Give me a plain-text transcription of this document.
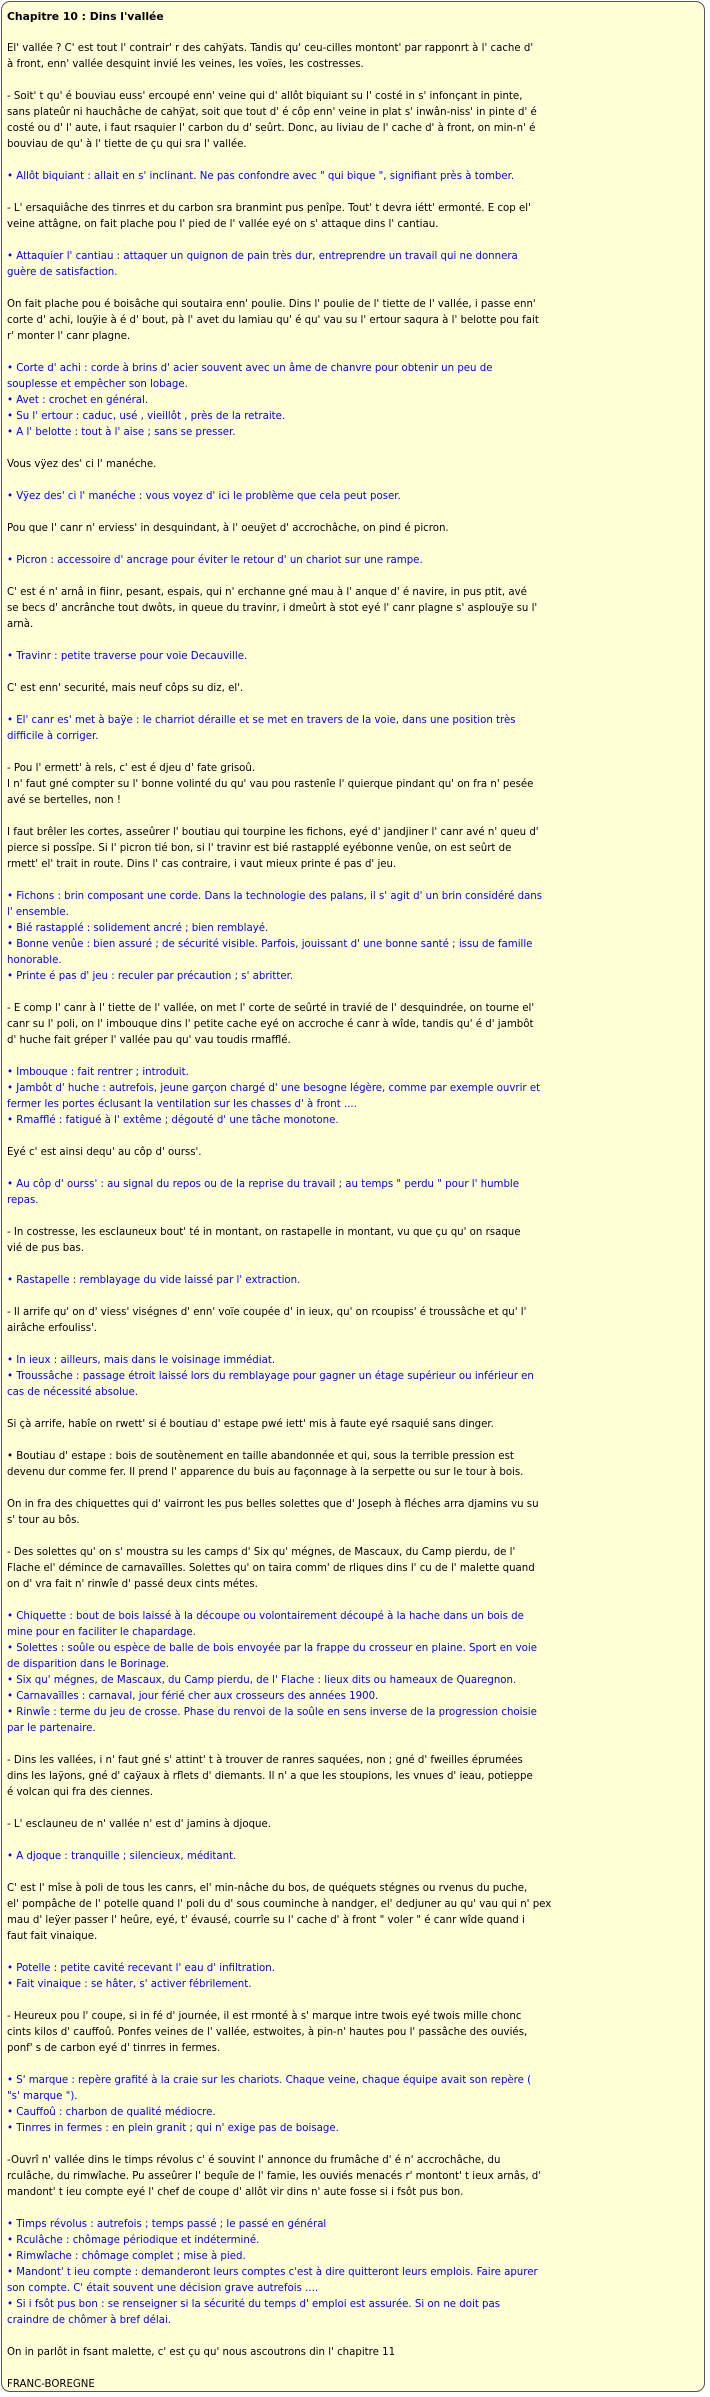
Chapitre 10 : Dins l'vallée
El' vallée ? C' est tout l' contrair' r des cahÿats. Tandis qu' ceu-cilles montont' par rapponrt à l' cache d'
à front, enn' vallée desquint invié les veines, les voïes, les costresses.
- Soit' t qu' é bouviau euss' ercoupé enn' veine qui d' allôt biquiant su l' costé in s' infonçant in pinte,
sans plateûr ni hauchâche de cahÿat, soit que tout d' é côp enn' veine in plat s' inwân-niss' in pinte d' é
costé ou d' l' aute, i faut rsaquier l' carbon du d' seûrt. Donc, au liviau de l' cache d' à front, on min-n' é
bouviau de qu' à l' tiette de çu qui sra l' vallée.
• Allôt biquiant : allait en s' inclinant. Ne pas confondre avec " qui bique ", signifiant près à tomber.
- L' ersaquiâche des tinrres et du carbon sra branmint pus penîpe. Tout' t devra iétt' ermonté. E cop el'
veine attâgne, on fait plache pou l' pied de l' vallée eyé on s' attaque dins l' cantiau.
• Attaquier l' cantiau : attaquer un quignon de pain très dur, entreprendre un travail qui ne donnera
guère de satisfaction.
On fait plache pou é boisâche qui soutaira enn' poulie. Dins l' poulie de l' tiette de l' vallée, i passe enn'
corte d' achi, louÿie à é d' bout, pà l' avet du lamiau qu' é qu' vau su l' ertour saqura à l' belotte pou fait
r' monter l' canr plagne.
• Corte d' achi : corde à brins d' acier souvent avec un âme de chanvre pour obtenir un peu de
souplesse et empêcher son lobage.
• Avet : crochet en général.
• Su l' ertour : caduc, usé , vieillôt , près de la retraite.
• A l' belotte : tout à l' aise ; sans se presser.
Vous vÿez des' ci l' manéche.
• Vÿez des' ci l' manéche : vous voyez d' ici le problème que cela peut poser.
Pou que l' canr n' erviess' in desquindant, à l' oeuÿet d' accrochâche, on pind é picron.
• Picron : accessoire d' ancrage pour éviter le retour d' un chariot sur une rampe.
C' est é n' arnâ in fiinr, pesant, espais, qui n' erchanne gné mau à l' anque d' é navire, in pus ptit, avé
se becs d' ancrânche tout dwôts, in queue du travinr, i dmeûrt à stot eyé l' canr plagne s' asplouÿe su l'
arnà.
• Travinr : petite traverse pour voie Decauville.
C' est enn' securité, mais neuf côps su diz, el'.
• El' canr es' met à baÿe : le charriot déraille et se met en travers de la voie, dans une position très
difficile à corriger.
- Pou l' ermett' à rels, c' est é djeu d' fate grisoû.
I n' faut gné compter su l' bonne volinté du qu' vau pou rastenîe l' quierque pindant qu' on fra n' pesée
avé se bertelles, non !
I faut brêler les cortes, asseûrer l' boutiau qui tourpine les fichons, eyé d' jandjiner l' canr avé n' queu d'
pierce si possîpe. Si l' picron tié bon, si l' travinr est bié rastapplé eyébonne venûe, on est seûrt de
rmett' el' trait in route. Dins l' cas contraire, i vaut mieux printe é pas d' jeu.
• Fichons : brin composant une corde. Dans la technologie des palans, il s' agit d' un brin considéré dans
l' ensemble.
• Bié rastapplé : solidement ancré ; bien remblayé.
• Bonne venûe : bien assuré ; de sécurité visible. Parfois, jouissant d' une bonne santé ; issu de famille
honorable.
• Printe é pas d' jeu : reculer par précaution ; s' abritter.
- E comp l' canr à l' tiette de l' vallée, on met l' corte de seûrté in travié de l' desquindrée, on tourne el'
canr su l' poli, on l' imbouque dins l' petite cache eyé on accroche é canr à wîde, tandis qu' é d' jambôt
d' huche fait gréper l' vallée pau qu' vau toudis rmafflé.
• Imbouque : fait rentrer ; introduit.
• Jambôt d' huche : autrefois, jeune garçon chargé d' une besogne légère, comme par exemple ouvrir et
fermer les portes éclusant la ventilation sur les chasses d' à front ....
• Rmafflé : fatigué à l' extême ; dégouté d' une tâche monotone.
Eyé c' est ainsi dequ' au côp d' ourss'.
• Au côp d' ourss' : au signal du repos ou de la reprise du travail ; au temps " perdu " pour l' humble
repas.
- In costresse, les esclauneux bout' té in montant, on rastapelle in montant, vu que çu qu' on rsaque
vié de pus bas.
• Rastapelle : remblayage du vide laissé par l' extraction.
- Il arrife qu' on d' viess' viségnes d' enn' voïe coupée d' in ieux, qu' on rcoupiss' é troussâche et qu' l'
airâche erfouliss'.
• In ieux : ailleurs, mais dans le voisinage immédiat.
• Troussâche : passage étroit laissé lors du remblayage pour gagner un étage supérieur ou inférieur en
cas de nécessité absolue.
Si çà arrife, habîe on rwett' si é boutiau d' estape pwé iett' mis à faute eyé rsaquié sans dinger.
• Boutiau d' estape : bois de soutènement en taille abandonnée et qui, sous la terrible pression est
devenu dur comme fer. Il prend l' apparence du buis au façonnage à la serpette ou sur le tour à bois.
On in fra des chiquettes qui d' vairront les pus belles solettes que d' Joseph à fléches arra djamins vu su
s' tour au bôs.
- Des solettes qu' on s' moustra su les camps d' Six qu' mégnes, de Mascaux, du Camp pierdu, de l'
Flache el' démince de carnavaïlles. Solettes qu' on taira comm' de rliques dins l' cu de l' malette quand
on d' vra fait n' rinwîe d' passé deux cints métes.
• Chiquette : bout de bois laissé à la découpe ou volontairement découpé à la hache dans un bois de
mine pour en faciliter le chapardage.
• Solettes : soûle ou espèce de balle de bois envoyée par la frappe du crosseur en plaine. Sport en voie
de disparition dans le Borinage.
• Six qu' mégnes, de Mascaux, du Camp pierdu, de l' Flache : lieux dits ou hameaux de Quaregnon.
• Carnavaïlles : carnaval, jour férié cher aux crosseurs des années 1900.
• Rinwîe : terme du jeu de crosse. Phase du renvoi de la soûle en sens inverse de la progression choisie
par le partenaire.
- Dins les vallées, i n' faut gné s' attint' t à trouver de ranres saquées, non ; gné d' fweilles éprumées
dins les laÿons, gné d' caÿaux à rflets d' diemants. Il n' a que les stoupions, les vnues d' ieau, potieppe
é volcan qui fra des ciennes.
- L' esclauneu de n' vallée n' est d' jamins à djoque.
• A djoque : tranquille ; silencieux, méditant.
C' est l' mîse à poli de tous les canrs, el' min-nâche du bos, de quéquets stégnes ou rvenus du puche,
el' pompâche de l' potelle quand l' poli du d' sous couminche à nandger, el' dedjuner au qu' vau qui n' pex
mau d' leÿer passer l' heûre, eyé, t' évausé, courrîe su l' cache d' à front " voler " é canr wîde quand i
faut fait vinaique.
• Potelle : petite cavité recevant l' eau d' infiltration.
• Fait vinaique : se hâter, s' activer fébrilement.
- Heureux pou l' coupe, si in fé d' journée, il est rmonté à s' marque intre twois eyé twois mille chonc
cints kilos d' cauffoû. Ponfes veines de l' vallée, estwoites, à pin-n' hautes pou l' passâche des ouviés,
ponf' s de carbon eyé d' tinrres in fermes.
• S' marque : repère grafité à la craie sur les chariots. Chaque veine, chaque équipe avait son repère (
"s' marque ").
• Cauffoû : charbon de qualité médiocre.
• Tinrres in fermes : en plein granit ; qui n' exige pas de boisage.
-Ouvrî n' vallée dins le timps révolus c' é souvint l' annonce du frumâche d' é n' accrochâche, du
rculâche, du rimwîache. Pu asseûrer l' bequîe de l' famie, les ouviés menacés r' montont' t ieux arnâs, d'
mandont' t ieu compte eyé l' chef de coupe d' allôt vir dins n' aute fosse si i fsôt pus bon.
• Timps révolus : autrefois ; temps passé ; le passé en général
• Rculâche : chômage périodique et indéterminé.
• Rimwîache : chômage complet ; mise à pied.
• Mandont' t ieu compte : demanderont leurs comptes c'est à dire quitteront leurs emplois. Faire apurer
son compte. C' était souvent une décision grave autrefois ....
• Si i fsôt pus bon : se renseigner si la sécurité du temps d' emploi est assurée. Si on ne doit pas
craindre de chômer à bref délai.
On in parlôt in fsant malette, c' est çu qu' nous ascoutrons din l' chapitre 11
FRANC-BOREGNE
